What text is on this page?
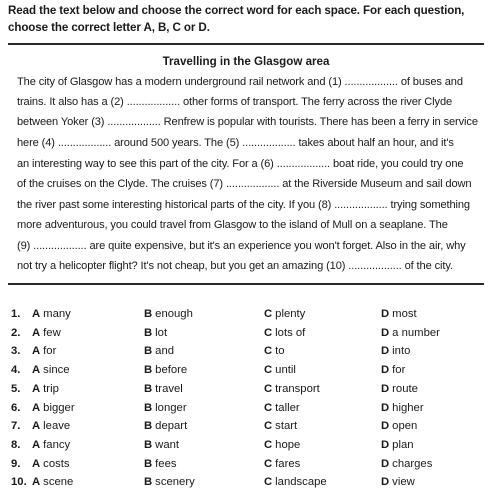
Read the text below and choose the correct word for each space. For each question, choose the correct letter A, B, C or D.
Travelling in the Glasgow area
The city of Glasgow has a modern underground rail network and (1) .................. of buses and
trains. It also has a (2) .................. other forms of transport. The ferry across the river Clyde
between Yoker (3) .................. Renfrew is popular with tourists. There has been a ferry in service
here (4) .................. around 500 years. The (5) .................. takes about half an hour, and it's
an interesting way to see this part of the city. For a (6) .................. boat ride, you could try one
of the cruises on the Clyde. The cruises (7) .................. at the Riverside Museum and sail down
the river past some interesting historical parts of the city. If you (8) .................. trying something
more adventurous, you could travel from Glasgow to the island of Mull on a seaplane. The
(9) .................. are quite expensive, but it's an experience you won't forget. Also in the air, why
not try a helicopter flight? It's not cheap, but you get an amazing (10) .................. of the city.
1. A many	B enough	C plenty	D most
2. A few	B lot	C lots of	D a number
3. A for	B and	C to	D into
4. A since	B before	C until	D for
5. A trip	B travel	C transport	D route
6. A bigger	B longer	C taller	D higher
7. A leave	B depart	C start	D open
8. A fancy	B want	C hope	D plan
9. A costs	B fees	C fares	D charges
10. A scene	B scenery	C landscape	D view
